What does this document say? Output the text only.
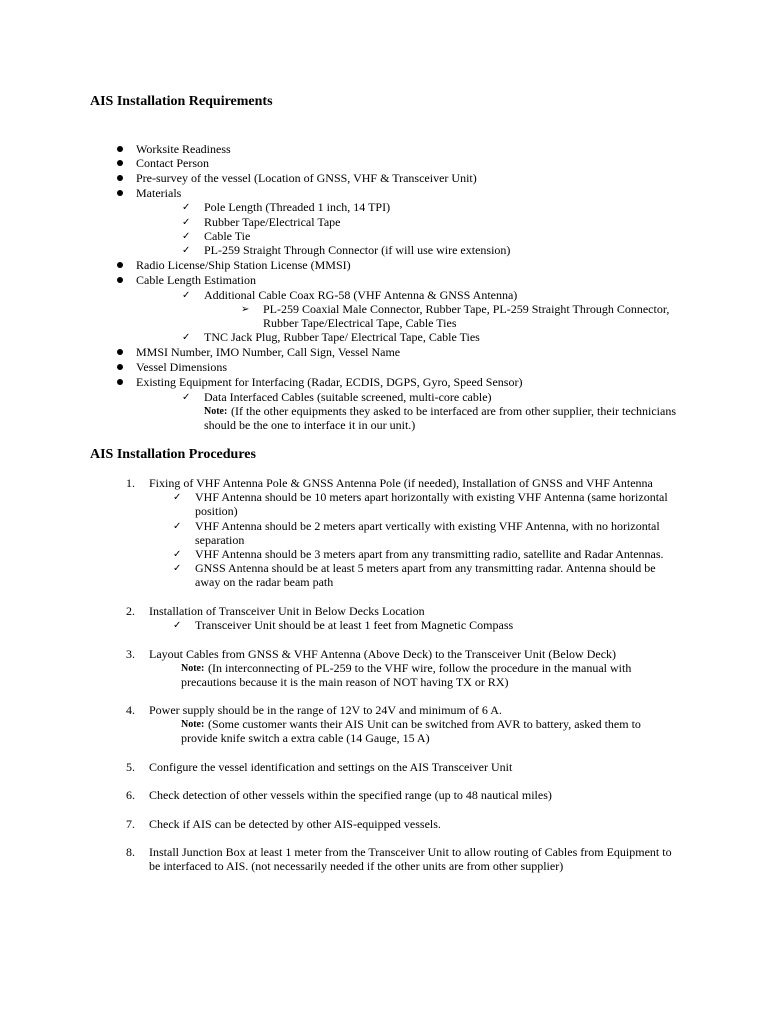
AIS Installation Requirements
Worksite Readiness
Contact Person
Pre-survey of the vessel (Location of GNSS, VHF & Transceiver Unit)
Materials
✓ Pole Length (Threaded 1 inch, 14 TPI)
✓ Rubber Tape/Electrical Tape
✓ Cable Tie
✓ PL-259 Straight Through Connector (if will use wire extension)
Radio License/Ship Station License (MMSI)
Cable Length Estimation
✓ Additional Cable Coax RG-58 (VHF Antenna & GNSS Antenna)
➢ PL-259 Coaxial Male Connector, Rubber Tape, PL-259 Straight Through Connector,
Rubber Tape/Electrical Tape, Cable Ties
✓ TNC Jack Plug, Rubber Tape/ Electrical Tape, Cable Ties
MMSI Number, IMO Number, Call Sign, Vessel Name
Vessel Dimensions
Existing Equipment for Interfacing (Radar, ECDIS, DGPS, Gyro, Speed Sensor)
✓ Data Interfaced Cables (suitable screened, multi-core cable)
Note: (If the other equipments they asked to be interfaced are from other supplier, their technicians
should be the one to interface it in our unit.)
AIS Installation Procedures
1. Fixing of VHF Antenna Pole & GNSS Antenna Pole (if needed), Installation of GNSS and VHF Antenna
✓ VHF Antenna should be 10 meters apart horizontally with existing VHF Antenna (same horizontal
position)
✓ VHF Antenna should be 2 meters apart vertically with existing VHF Antenna, with no horizontal
separation
✓ VHF Antenna should be 3 meters apart from any transmitting radio, satellite and Radar Antennas.
✓ GNSS Antenna should be at least 5 meters apart from any transmitting radar. Antenna should be
away on the radar beam path
2. Installation of Transceiver Unit in Below Decks Location
✓ Transceiver Unit should be at least 1 feet from Magnetic Compass
3. Layout Cables from GNSS & VHF Antenna (Above Deck) to the Transceiver Unit (Below Deck)
Note: (In interconnecting of PL-259 to the VHF wire, follow the procedure in the manual with
precautions because it is the main reason of NOT having TX or RX)
4. Power supply should be in the range of 12V to 24V and minimum of 6 A.
Note: (Some customer wants their AIS Unit can be switched from AVR to battery, asked them to
provide knife switch a extra cable (14 Gauge, 15 A)
5. Configure the vessel identification and settings on the AIS Transceiver Unit
6. Check detection of other vessels within the specified range (up to 48 nautical miles)
7. Check if AIS can be detected by other AIS-equipped vessels.
8. Install Junction Box at least 1 meter from the Transceiver Unit to allow routing of Cables from Equipment to
be interfaced to AIS. (not necessarily needed if the other units are from other supplier)
